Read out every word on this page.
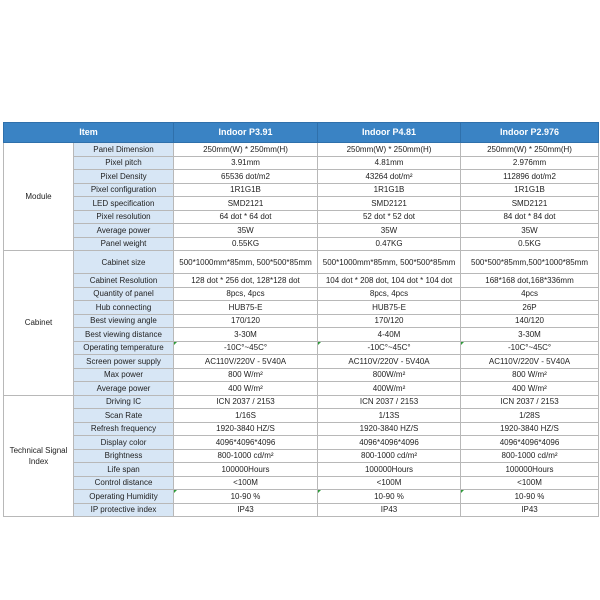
Item		Indoor P3.91	Indoor P4.81	Indoor P2.976
Module	Panel Dimension	250mm(W) * 250mm(H)	250mm(W) * 250mm(H)	250mm(W) * 250mm(H)
	Pixel pitch	3.91mm	4.81mm	2.976mm
	Pixel Density	65536 dot/m2	43264 dot/m²	112896 dot/m2
	Pixel configuration	1R1G1B	1R1G1B	1R1G1B
	LED specification	SMD2121	SMD2121	SMD2121
	Pixel resolution	64 dot * 64 dot	52 dot * 52 dot	84 dot * 84 dot
	Average power	35W	35W	35W
	Panel weight	0.55KG	0.47KG	0.5KG
Cabinet	Cabinet size	500*1000mm*85mm, 500*500*85mm	500*1000mm*85mm, 500*500*85mm	500*500*85mm,500*1000*85mm
	Cabinet Resolution	128 dot * 256 dot, 128*128 dot	104 dot * 208 dot, 104 dot * 104 dot	168*168 dot,168*336mm
	Quantity of panel	8pcs, 4pcs	8pcs, 4pcs	4pcs
	Hub connecting	HUB75-E	HUB75-E	26P
	Best viewing angle	170/120	170/120	140/120
	Best viewing distance	3-30M	4-40M	3-30M
	Operating temperature	-10C°~45C°	-10C°~45C°	-10C°~45C°
	Screen power supply	AC110V/220V - 5V40A	AC110V/220V - 5V40A	AC110V/220V - 5V40A
	Max power	800 W/m²	800W/m²	800 W/m²
	Average power	400 W/m²	400W/m²	400 W/m²
Technical Signal Index	Driving IC	ICN 2037 / 2153	ICN 2037 / 2153	ICN 2037 / 2153
	Scan Rate	1/16S	1/13S	1/28S
	Refresh frequency	1920-3840 HZ/S	1920-3840 HZ/S	1920-3840 HZ/S
	Display color	4096*4096*4096	4096*4096*4096	4096*4096*4096
	Brightness	800-1000 cd/m²	800-1000 cd/m²	800-1000 cd/m²
	Life span	100000Hours	100000Hours	100000Hours
	Control distance	<100M	<100M	<100M
	Operating Humidity	10-90 %	10-90 %	10-90 %
	IP protective index	IP43	IP43	IP43
